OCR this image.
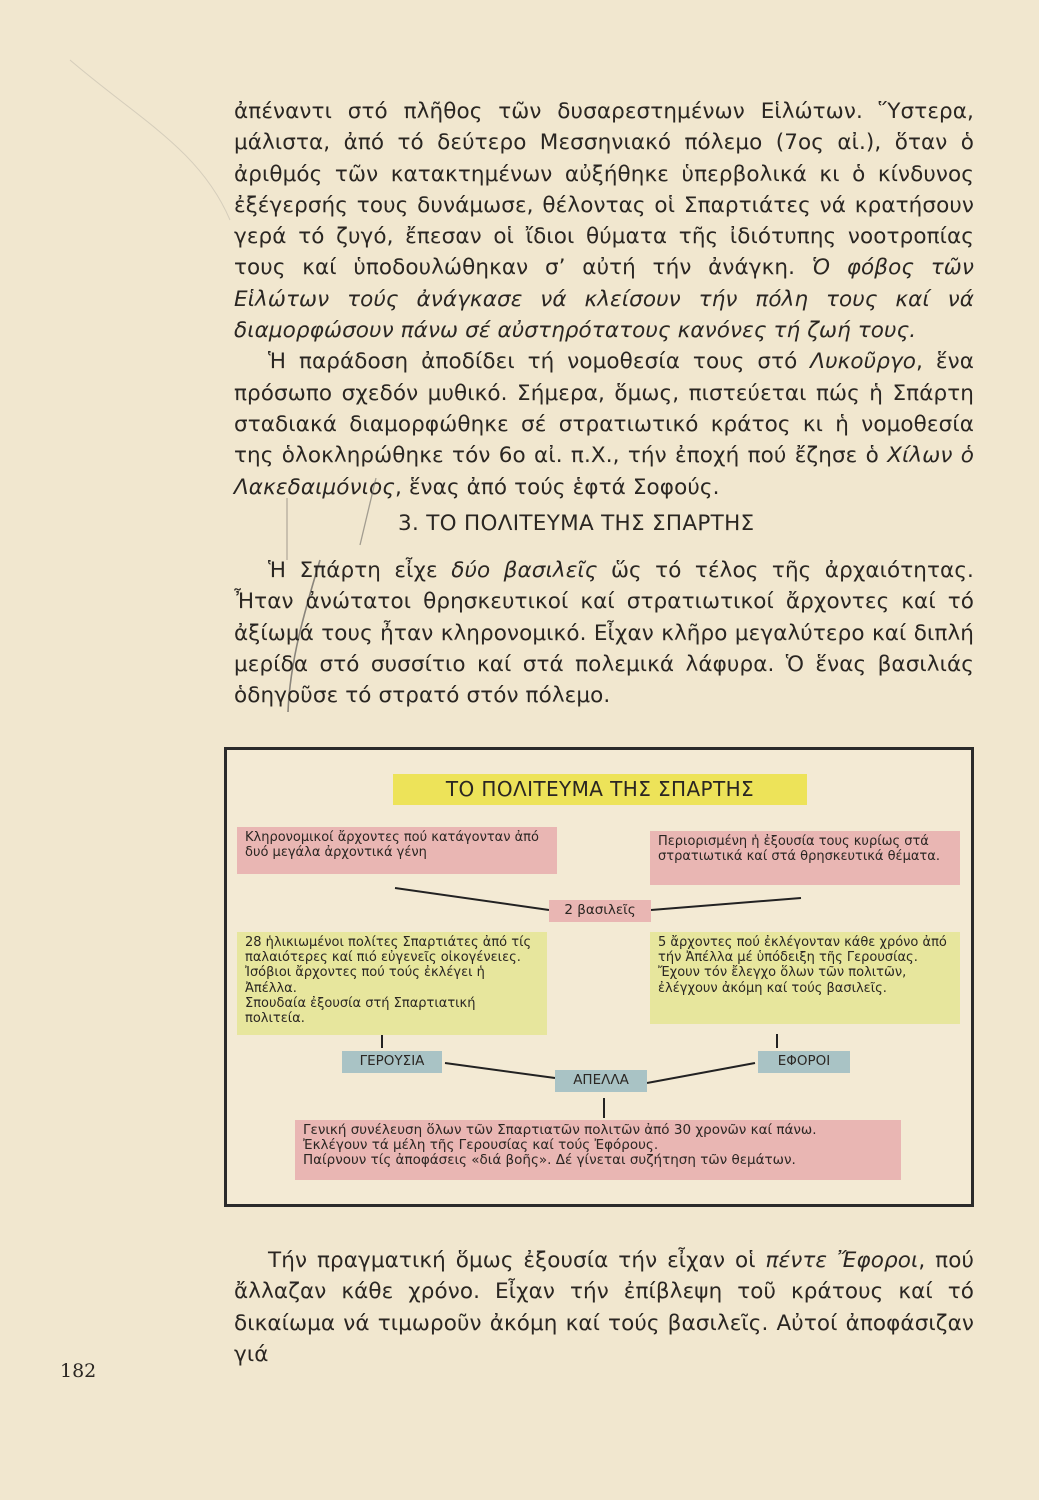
ἀπέναντι στό πλῆθος τῶν δυσαρεστημένων Εἱλώτων. Ὕστερα, μάλιστα, ἀπό τό δεύτερο Μεσσηνιακό πόλεμο (7ος αἰ.), ὅταν ὁ ἀριθμός τῶν κατακτημένων αὐξήθηκε ὑπερβολικά κι ὁ κίνδυνος ἐξέγερσής τους δυνάμωσε, θέλοντας οἱ Σπαρτιάτες νά κρατήσουν γερά τό ζυγό, ἔπεσαν οἱ ἴδιοι θύματα τῆς ἰδιότυπης νοοτροπίας τους καί ὑποδουλώθηκαν σ’ αὐτή τήν ἀνάγκη. Ὁ φόβος τῶν Εἱλώτων τούς ἀνάγκασε νά κλείσουν τήν πόλη τους καί νά διαμορφώσουν πάνω σέ αὐστηρότατους κανόνες τή ζωή τους.

Ἡ παράδοση ἀποδίδει τή νομοθεσία τους στό Λυκοῦργο, ἕνα πρόσωπο σχεδόν μυθικό. Σήμερα, ὅμως, πιστεύεται πώς ἡ Σπάρτη σταδιακά διαμορφώθηκε σέ στρατιωτικό κράτος κι ἡ νομοθεσία της ὁλοκληρώθηκε τόν 6ο αἰ. π.Χ., τήν ἐποχή πού ἔζησε ὁ Χίλων ὁ Λακεδαιμόνιος, ἕνας ἀπό τούς ἑφτά Σοφούς.

3. ΤΟ ΠΟΛΙΤΕΥΜΑ ΤΗΣ ΣΠΑΡΤΗΣ

Ἡ Σπάρτη εἶχε δύο βασιλεῖς ὥς τό τέλος τῆς ἀρχαιότητας. Ἦταν ἀνώτατοι θρησκευτικοί καί στρατιωτικοί ἄρχοντες καί τό ἀξίωμά τους ἦταν κληρονομικό. Εἶχαν κλῆρο μεγαλύτερο καί διπλή μερίδα στό συσσίτιο καί στά πολεμικά λάφυρα. Ὁ ἕνας βασιλιάς ὁδηγοῦσε τό στρατό στόν πόλεμο.

ΤΟ ΠΟΛΙΤΕΥΜΑ ΤΗΣ ΣΠΑΡΤΗΣ

Κληρονομικοί ἄρχοντες πού κατάγονταν ἀπό δυό μεγάλα ἀρχοντικά γένη

Περιορισμένη ἡ ἐξουσία τους κυρίως στά στρατιωτικά καί στά θρησκευτικά θέματα.

2 βασιλεῖς

28 ἡλικιωμένοι πολίτες Σπαρτιάτες ἀπό τίς παλαιότερες καί πιό εὐγενεῖς οἰκογένειες. Ἰσόβιοι ἄρχοντες πού τούς ἐκλέγει ἡ Ἀπέλλα.

Σπουδαία ἐξουσία στή Σπαρτιατική πολιτεία.

5 ἄρχοντες πού ἐκλέγονταν κάθε χρόνο ἀπό τήν Ἀπέλλα μέ ὑπόδειξη τῆς Γερουσίας.

Ἔχουν τόν ἔλεγχο ὅλων τῶν πολιτῶν, ἐλέγχουν ἀκόμη καί τούς βασιλεῖς.

ΓΕΡΟΥΣΙΑ
ΑΠΕΛΛΑ
ΕΦΟΡΟΙ

Γενική συνέλευση ὅλων τῶν Σπαρτιατῶν πολιτῶν ἀπό 30 χρονῶν καί πάνω.

Ἐκλέγουν τά μέλη τῆς Γερουσίας καί τούς Ἐφόρους.

Παίρνουν τίς ἀποφάσεις «διά βοῆς». Δέ γίνεται συζήτηση τῶν θεμάτων.

Τήν πραγματική ὅμως ἐξουσία τήν εἶχαν οἱ πέντε Ἔφοροι, πού ἄλλαζαν κάθε χρόνο. Εἶχαν τήν ἐπίβλεψη τοῦ κράτους καί τό δικαίωμα νά τιμωροῦν ἀκόμη καί τούς βασιλεῖς. Αὐτοί ἀποφάσιζαν γιά

182
